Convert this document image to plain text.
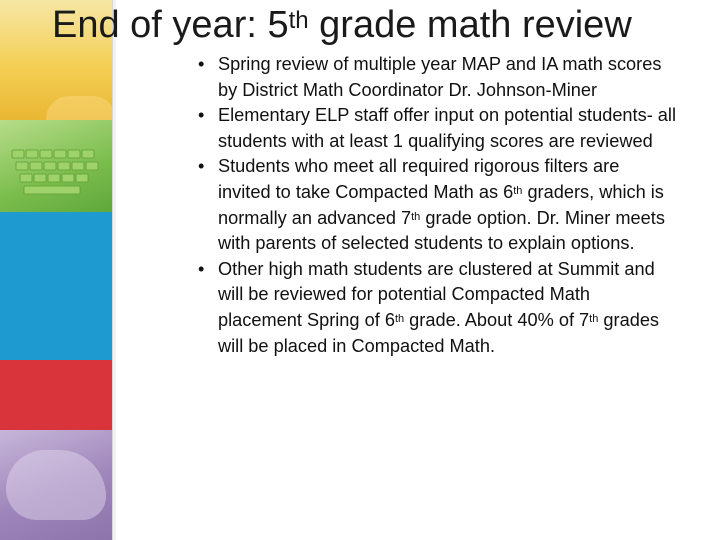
End of year: 5th grade math review
• Spring review of multiple year MAP and IA math scores by District Math Coordinator Dr. Johnson-Miner
• Elementary ELP staff offer input on potential students- all students with at least 1 qualifying scores are reviewed
• Students who meet all required rigorous filters are invited to take Compacted Math as 6th graders, which is normally an advanced 7th grade option. Dr. Miner meets with parents of selected students to explain options.
• Other high math students are clustered at Summit and will be reviewed for potential Compacted Math placement Spring of 6th grade. About 40% of 7th grades will be placed in Compacted Math.
